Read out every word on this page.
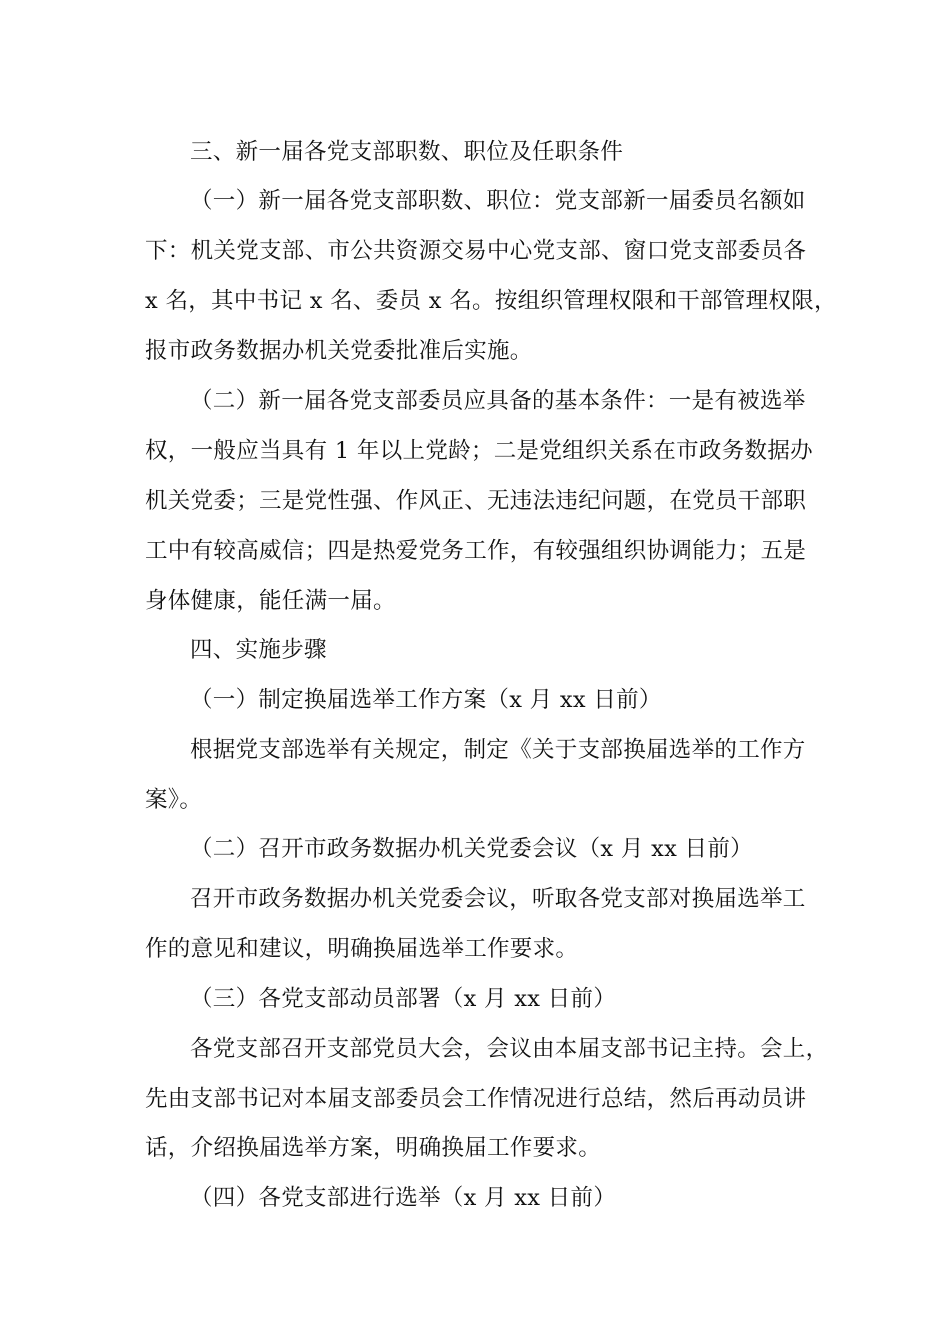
三、新一届各党支部职数、职位及任职条件
（一）新一届各党支部职数、职位：党支部新一届委员名额如
下：机关党支部、市公共资源交易中心党支部、窗口党支部委员各
x 名，其中书记 x 名、委员 x 名。按组织管理权限和干部管理权限，
报市政务数据办机关党委批准后实施。
（二）新一届各党支部委员应具备的基本条件：一是有被选举
权，一般应当具有 1 年以上党龄；二是党组织关系在市政务数据办
机关党委；三是党性强、作风正、无违法违纪问题，在党员干部职
工中有较高威信；四是热爱党务工作，有较强组织协调能力；五是
身体健康，能任满一届。
四、实施步骤
（一）制定换届选举工作方案（x 月 xx 日前）
根据党支部选举有关规定，制定《关于支部换届选举的工作方
案》。
（二）召开市政务数据办机关党委会议（x 月 xx 日前）
召开市政务数据办机关党委会议，听取各党支部对换届选举工
作的意见和建议，明确换届选举工作要求。
（三）各党支部动员部署（x 月 xx 日前）
各党支部召开支部党员大会，会议由本届支部书记主持。会上，
先由支部书记对本届支部委员会工作情况进行总结，然后再动员讲
话，介绍换届选举方案，明确换届工作要求。
（四）各党支部进行选举（x 月 xx 日前）
